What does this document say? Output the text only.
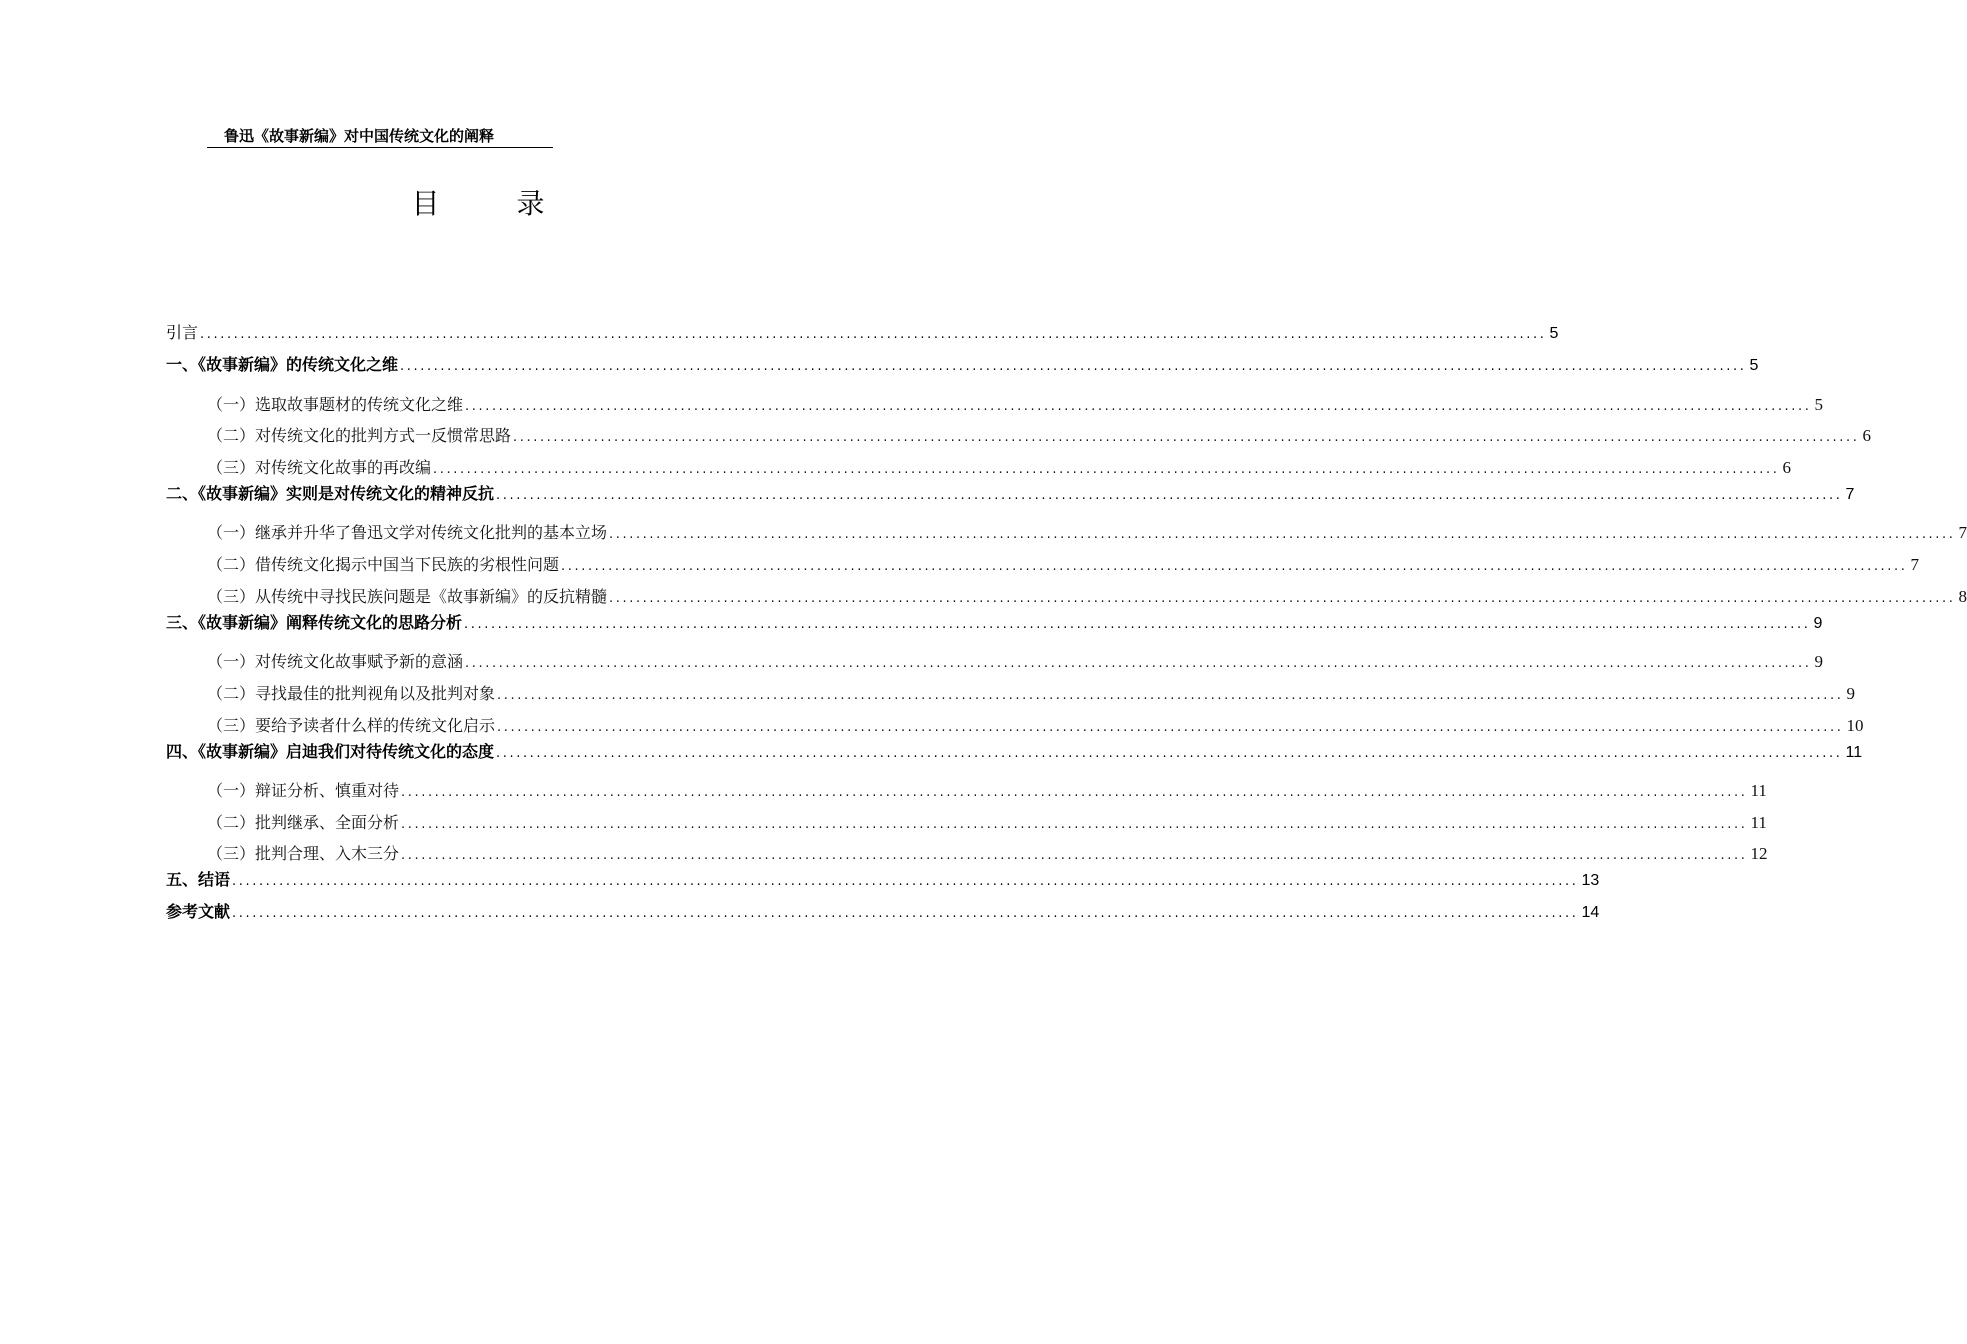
鲁迅《故事新编》对中国传统文化的阐释
目 录
引言 ........................................................................................................................................................................................................ 5
一、《故事新编》的传统文化之维 ........................................................................................................................................................................................................ 5
（一）选取故事题材的传统文化之维 ........................................................................................................................................................................................................ 5
（二）对传统文化的批判方式一反惯常思路 ........................................................................................................................................................................................................ 6
（三）对传统文化故事的再改编 ........................................................................................................................................................................................................ 6
二、《故事新编》实则是对传统文化的精神反抗 ........................................................................................................................................................................................................ 7
（一）继承并升华了鲁迅文学对传统文化批判的基本立场 ........................................................................................................................................................................................................ 7
（二）借传统文化揭示中国当下民族的劣根性问题 ........................................................................................................................................................................................................ 7
（三）从传统中寻找民族问题是《故事新编》的反抗精髓 ........................................................................................................................................................................................................ 8
三、《故事新编》阐释传统文化的思路分析 ........................................................................................................................................................................................................ 9
（一）对传统文化故事赋予新的意涵 ........................................................................................................................................................................................................ 9
（二）寻找最佳的批判视角以及批判对象 ........................................................................................................................................................................................................ 9
（三）要给予读者什么样的传统文化启示 ........................................................................................................................................................................................................ 10
四、《故事新编》启迪我们对待传统文化的态度 ........................................................................................................................................................................................................ 11
（一）辩证分析、慎重对待 ........................................................................................................................................................................................................ 11
（二）批判继承、全面分析 ........................................................................................................................................................................................................ 11
（三）批判合理、入木三分 ........................................................................................................................................................................................................ 12
五、结语 ........................................................................................................................................................................................................ 13
参考文献 ........................................................................................................................................................................................................ 14
